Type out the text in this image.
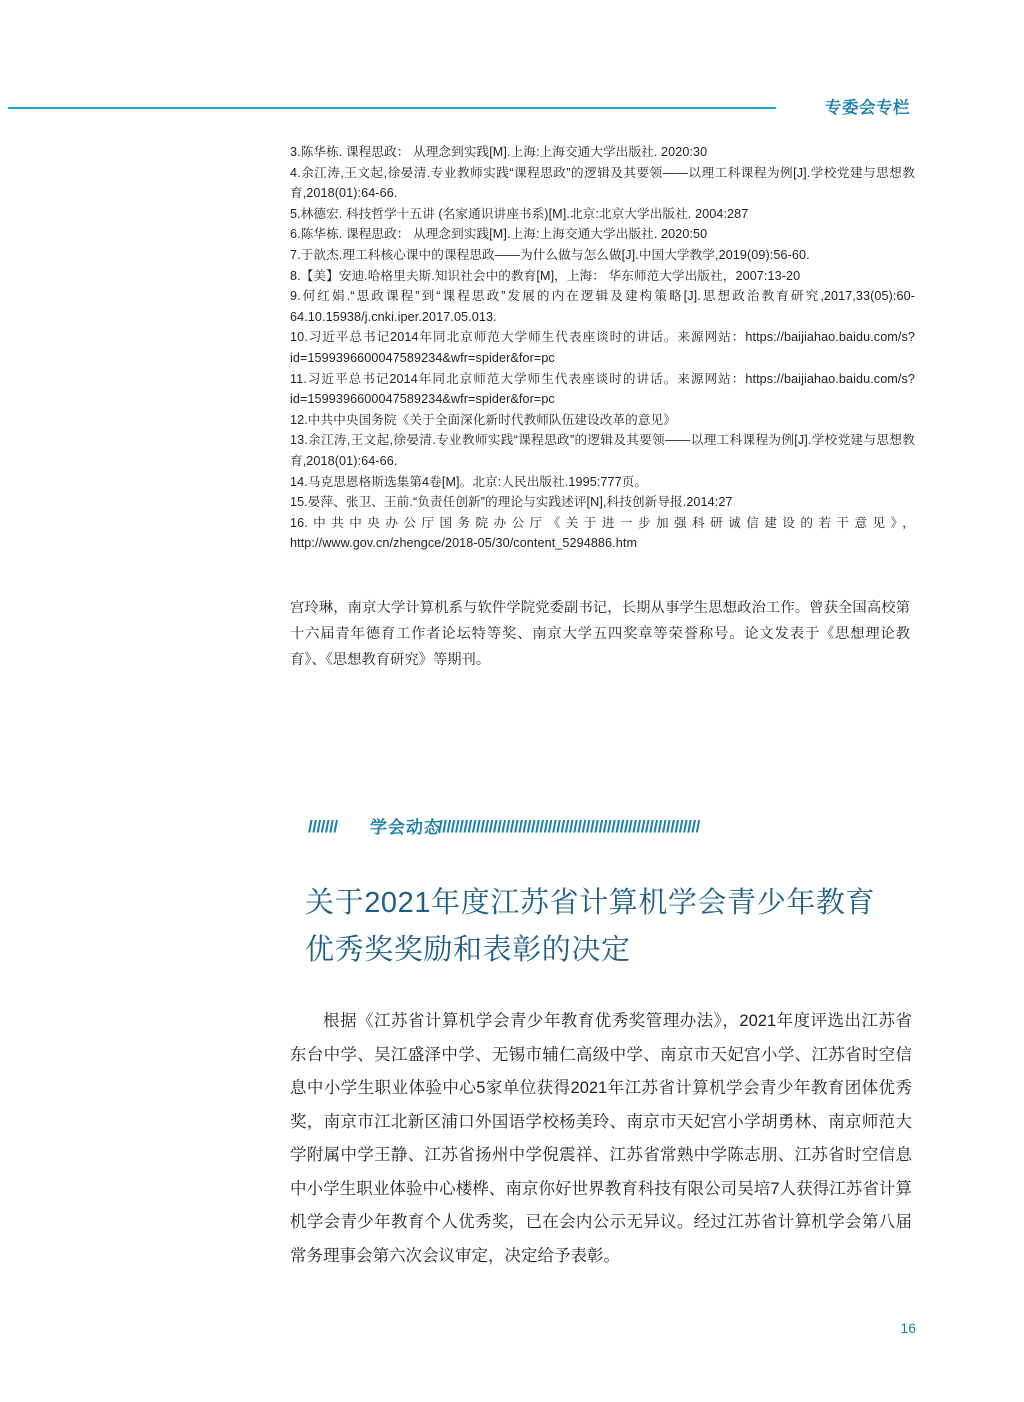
专委会专栏

3.陈华栋. 课程思政： 从理念到实践[M].上海:上海交通大学出版社. 2020:30

4.余江涛,王文起,徐晏清.专业教师实践“课程思政”的逻辑及其要领——以理工科课程为例[J].学校党建与思想教育,2018(01):64-66.

5.林德宏. 科技哲学十五讲 (名家通识讲座书系)[M].北京:北京大学出版社. 2004:287

6.陈华栋. 课程思政： 从理念到实践[M].上海:上海交通大学出版社. 2020:50

7.于歆杰.理工科核心课中的课程思政——为什么做与怎么做[J].中国大学教学,2019(09):56-60.

8.【美】安迪.哈格里夫斯.知识社会中的教育[M]，上海： 华东师范大学出版社，2007:13-20

9.何红娟.“思政课程”到“课程思政”发展的内在逻辑及建构策略[J].思想政治教育研究,2017,33(05):60-64.10.15938/j.cnki.iper.2017.05.013.

10.习近平总书记2014年同北京师范大学师生代表座谈时的讲话。来源网站：https://baijiahao.baidu.com/s?id=1599396600047589234&wfr=spider&for=pc

11.习近平总书记2014年同北京师范大学师生代表座谈时的讲话。来源网站：https://baijiahao.baidu.com/s?id=1599396600047589234&wfr=spider&for=pc

12.中共中央国务院《关于全面深化新时代教师队伍建设改革的意见》

13.余江涛,王文起,徐晏清.专业教师实践“课程思政”的逻辑及其要领——以理工科课程为例[J].学校党建与思想教育,2018(01):64-66.

14.马克思恩格斯选集第4卷[M]。北京:人民出版社.1995:777页。

15.晏萍、张卫、王前.“负责任创新”的理论与实践述评[N],科技创新导报.2014:27

16.中共中央办公厅国务院办公厅《关于进一步加强科研诚信建设的若干意见》，http://www.gov.cn/zhengce/2018-05/30/content_5294886.htm

宫玲琳，南京大学计算机系与软件学院党委副书记，长期从事学生思想政治工作。曾获全国高校第十六届青年德育工作者论坛特等奖、南京大学五四奖章等荣誉称号。论文发表于《思想理论教育》、《思想教育研究》等期刊。
///////	学会动态
//////////////////////////////////////////////////////////////
关于2021年度江苏省计算机学会青少年教育
优秀奖奖励和表彰的决定

根据《江苏省计算机学会青少年教育优秀奖管理办法》，2021年度评选出江苏省东台中学、吴江盛泽中学、无锡市辅仁高级中学、南京市天妃宫小学、江苏省时空信息中小学生职业体验中心5家单位获得2021年江苏省计算机学会青少年教育团体优秀奖，南京市江北新区浦口外国语学校杨美玲、南京市天妃宫小学胡勇林、南京师范大学附属中学王静、江苏省扬州中学倪震祥、江苏省常熟中学陈志朋、江苏省时空信息中小学生职业体验中心楼桦、南京你好世界教育科技有限公司吴培7人获得江苏省计算机学会青少年教育个人优秀奖，已在会内公示无异议。经过江苏省计算机学会第八届常务理事会第六次会议审定，决定给予表彰。

16
